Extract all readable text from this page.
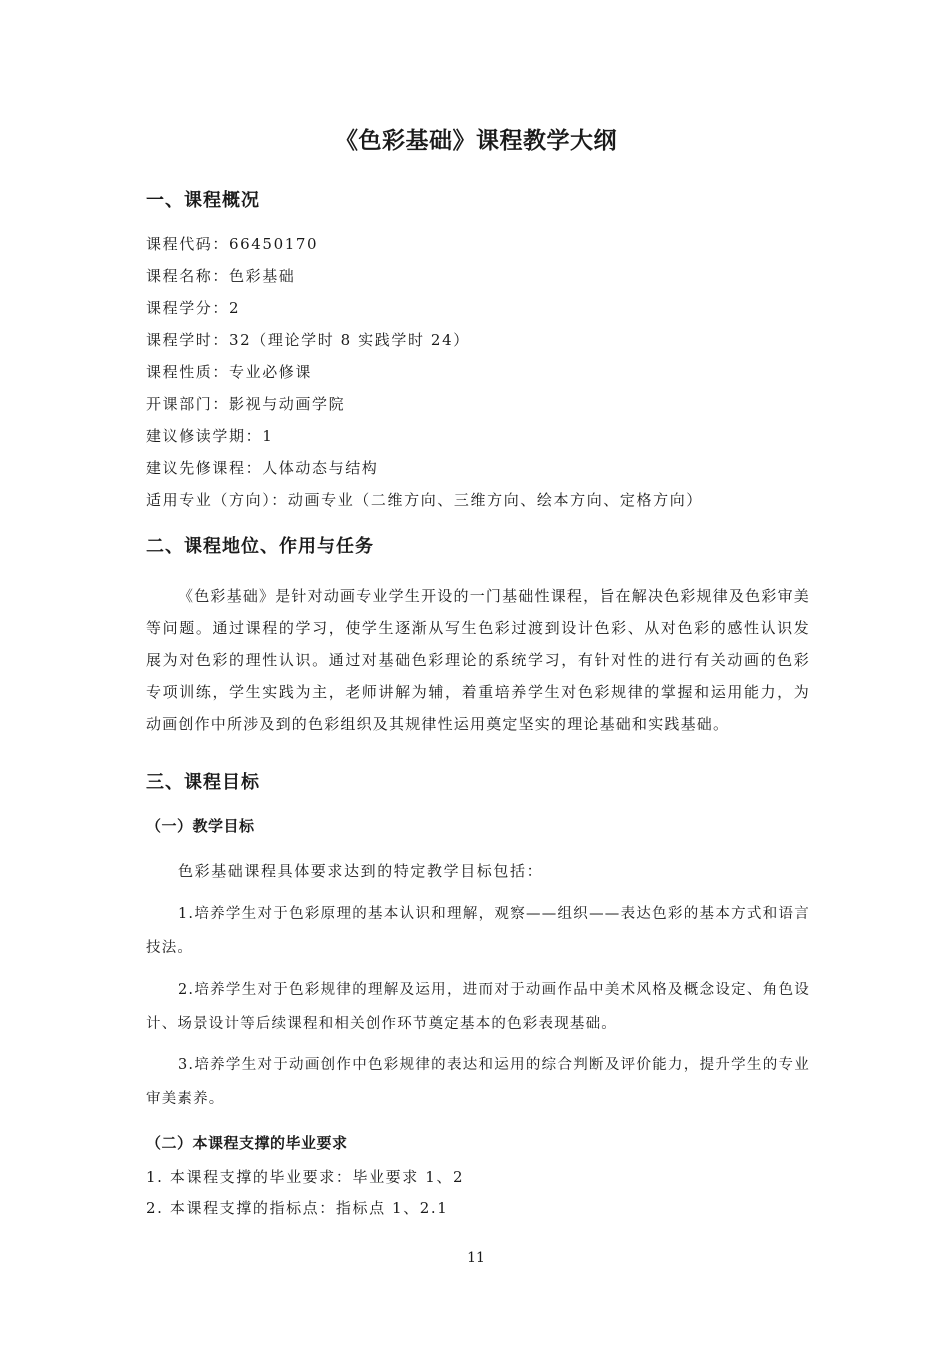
《色彩基础》课程教学大纲
一、课程概况
课程代码：66450170
课程名称：色彩基础
课程学分：2
课程学时：32（理论学时 8 实践学时 24）
课程性质：专业必修课
开课部门：影视与动画学院
建议修读学期：1
建议先修课程：人体动态与结构
适用专业（方向）：动画专业（二维方向、三维方向、绘本方向、定格方向）
二、课程地位、作用与任务
《色彩基础》是针对动画专业学生开设的一门基础性课程，旨在解决色彩规律及色彩审美等问题。通过课程的学习，使学生逐渐从写生色彩过渡到设计色彩、从对色彩的感性认识发展为对色彩的理性认识。通过对基础色彩理论的系统学习，有针对性的进行有关动画的色彩专项训练，学生实践为主，老师讲解为辅，着重培养学生对色彩规律的掌握和运用能力，为动画创作中所涉及到的色彩组织及其规律性运用奠定坚实的理论基础和实践基础。
三、课程目标
（一）教学目标
色彩基础课程具体要求达到的特定教学目标包括：
1.培养学生对于色彩原理的基本认识和理解，观察——组织——表达色彩的基本方式和语言技法。
2.培养学生对于色彩规律的理解及运用，进而对于动画作品中美术风格及概念设定、角色设计、场景设计等后续课程和相关创作环节奠定基本的色彩表现基础。
3.培养学生对于动画创作中色彩规律的表达和运用的综合判断及评价能力，提升学生的专业审美素养。
（二）本课程支撑的毕业要求
1. 本课程支撑的毕业要求：毕业要求 1、2
2. 本课程支撑的指标点：指标点 1、2.1
11
